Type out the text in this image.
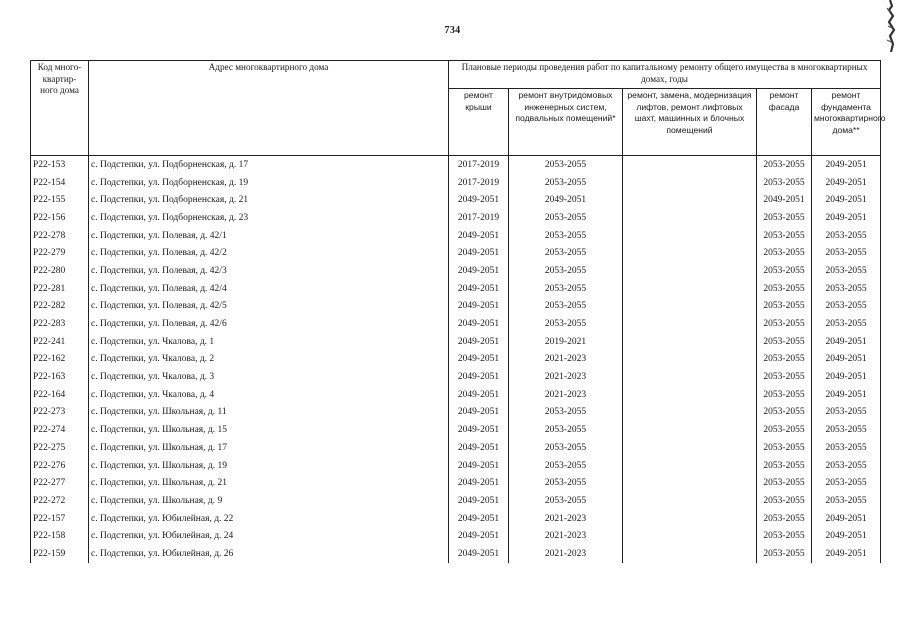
734
Код много- квартир- ного дома	Адрес многоквартирного дома	Плановые периоды проведения работ по капитальному ремонту общего имущества в многоквартирных домах, годы				
		ремонт крыши	ремонт внутридомовых инженерных систем, подвальных помещений*	ремонт, замена, модернизация лифтов, ремонт лифтовых шахт, машинных и блочных помещений	ремонт фасада	ремонт фундамента многоквартирного дома**
Р22-153	с. Подстепки, ул. Подборненская, д. 17	2017-2019	2053-2055		2053-2055	2049-2051
Р22-154	с. Подстепки, ул. Подборненская, д. 19	2017-2019	2053-2055		2053-2055	2049-2051
Р22-155	с. Подстепки, ул. Подборненская, д. 21	2049-2051	2049-2051		2049-2051	2049-2051
Р22-156	с. Подстепки, ул. Подборненская, д. 23	2017-2019	2053-2055		2053-2055	2049-2051
Р22-278	с. Подстепки, ул. Полевая, д. 42/1	2049-2051	2053-2055		2053-2055	2053-2055
Р22-279	с. Подстепки, ул. Полевая, д. 42/2	2049-2051	2053-2055		2053-2055	2053-2055
Р22-280	с. Подстепки, ул. Полевая, д. 42/3	2049-2051	2053-2055		2053-2055	2053-2055
Р22-281	с. Подстепки, ул. Полевая, д. 42/4	2049-2051	2053-2055		2053-2055	2053-2055
Р22-282	с. Подстепки, ул. Полевая, д. 42/5	2049-2051	2053-2055		2053-2055	2053-2055
Р22-283	с. Подстепки, ул. Полевая, д. 42/6	2049-2051	2053-2055		2053-2055	2053-2055
Р22-241	с. Подстепки, ул. Чкалова, д. 1	2049-2051	2019-2021		2053-2055	2049-2051
Р22-162	с. Подстепки, ул. Чкалова, д. 2	2049-2051	2021-2023		2053-2055	2049-2051
Р22-163	с. Подстепки, ул. Чкалова, д. 3	2049-2051	2021-2023		2053-2055	2049-2051
Р22-164	с. Подстепки, ул. Чкалова, д. 4	2049-2051	2021-2023		2053-2055	2049-2051
Р22-273	с. Подстепки, ул. Школьная, д. 11	2049-2051	2053-2055		2053-2055	2053-2055
Р22-274	с. Подстепки, ул. Школьная, д. 15	2049-2051	2053-2055		2053-2055	2053-2055
Р22-275	с. Подстепки, ул. Школьная, д. 17	2049-2051	2053-2055		2053-2055	2053-2055
Р22-276	с. Подстепки, ул. Школьная, д. 19	2049-2051	2053-2055		2053-2055	2053-2055
Р22-277	с. Подстепки, ул. Школьная, д. 21	2049-2051	2053-2055		2053-2055	2053-2055
Р22-272	с. Подстепки, ул. Школьная, д. 9	2049-2051	2053-2055		2053-2055	2053-2055
Р22-157	с. Подстепки, ул. Юбилейная, д. 22	2049-2051	2021-2023		2053-2055	2049-2051
Р22-158	с. Подстепки, ул. Юбилейная, д. 24	2049-2051	2021-2023		2053-2055	2049-2051
Р22-159	с. Подстепки, ул. Юбилейная, д. 26	2049-2051	2021-2023		2053-2055	2049-2051
